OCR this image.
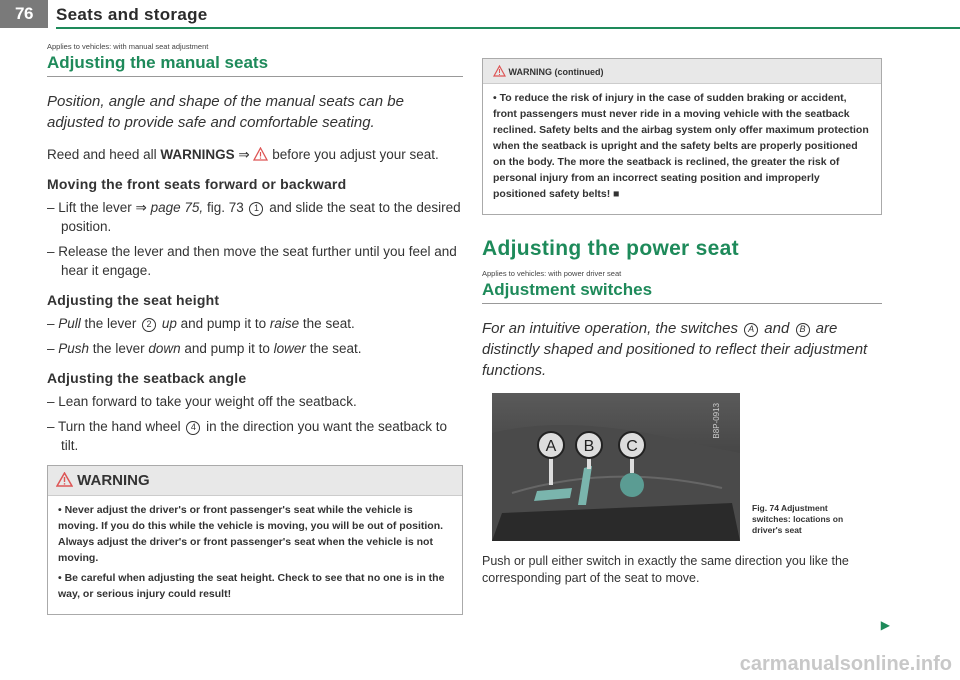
76	Seats and storage
Applies to vehicles: with manual seat adjustment
Adjusting the manual seats

Position, angle and shape of the manual seats can be adjusted to provide safe and comfortable seating.

Reed and heed all WARNINGS ⇒  before you adjust your seat.

Moving the front seats forward or backward
– Lift the lever ⇒ page 75, fig. 73 1 and slide the seat to the desired position.
– Release the lever and then move the seat further until you feel and hear it engage.
Adjusting the seat height
– Pull the lever 2 up and pump it to raise the seat.
– Push the lever down and pump it to lower the seat.
Adjusting the seatback angle
– Lean forward to take your weight off the seatback.
– Turn the hand wheel 4 in the direction you want the seatback to tilt.
WARNING

• Never adjust the driver's or front passenger's seat while the vehicle is moving. If you do this while the vehicle is moving, you will be out of position. Always adjust the driver's or front passenger's seat when the vehicle is not moving.

• Be careful when adjusting the seat height. Check to see that no one is in the way, or serious injury could result!

WARNING (continued)

• To reduce the risk of injury in the case of sudden braking or accident, front passengers must never ride in a moving vehicle with the seatback reclined. Safety belts and the airbag system only offer maximum protection when the seatback is upright and the safety belts are properly positioned on the body. The more the seatback is reclined, the greater the risk of personal injury from an incorrect seating position and improperly positioned safety belts! ■

Adjusting the power seat
Applies to vehicles: with power driver seat
Adjustment switches

For an intuitive operation, the switches A and B are distinctly shaped and positioned to reflect their adjustment functions.

A B C
B8P-0913
Fig. 74 Adjustment
switches: locations on
driver's seat

Push or pull either switch in exactly the same direction you like the corresponding part of the seat to move.

▶
carmanualsonline.info
